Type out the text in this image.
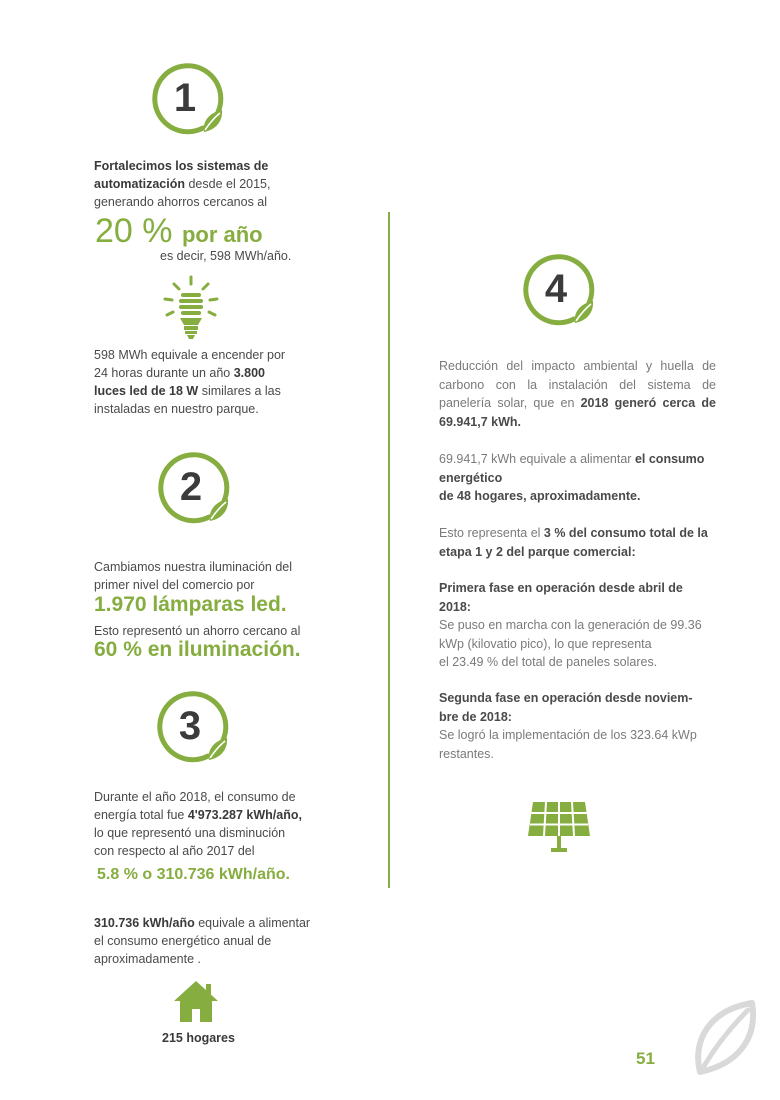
1
Fortalecimos los sistemas de
automatización desde el 2015,
generando ahorros cercanos al
20 % por año
es decir, 598 MWh/año.
598 MWh equivale a encender por
24 horas durante un año 3.800
luces led de 18 W similares a las
instaladas en nuestro parque.
2
Cambiamos nuestra iluminación del
primer nivel del comercio por
1.970 lámparas led.
Esto representó un ahorro cercano al
60 % en iluminación.
3
Durante el año 2018, el consumo de
energía total fue 4'973.287 kWh/año,
lo que representó una disminución
con respecto al año 2017 del
5.8 % o 310.736 kWh/año.
310.736 kWh/año equivale a alimentar
el consumo energético anual de
aproximadamente .
215 hogares
4
Reducción del impacto ambiental y huella de carbono con la instalación del sistema de panelería solar, que en 2018 generó cerca de 69.941,7 kWh.
69.941,7 kWh equivale a alimentar el consumo energético
de 48 hogares, aproximadamente.
Esto representa el 3 % del consumo total de la etapa 1 y 2 del parque comercial:
Primera fase en operación desde abril de 2018:
Se puso en marcha con la generación de 99.36
kWp (kilovatio pico), lo que representa
el 23.49 % del total de paneles solares.
Segunda fase en operación desde noviem-
bre de 2018:
Se logró la implementación de los 323.64 kWp
restantes.
51
